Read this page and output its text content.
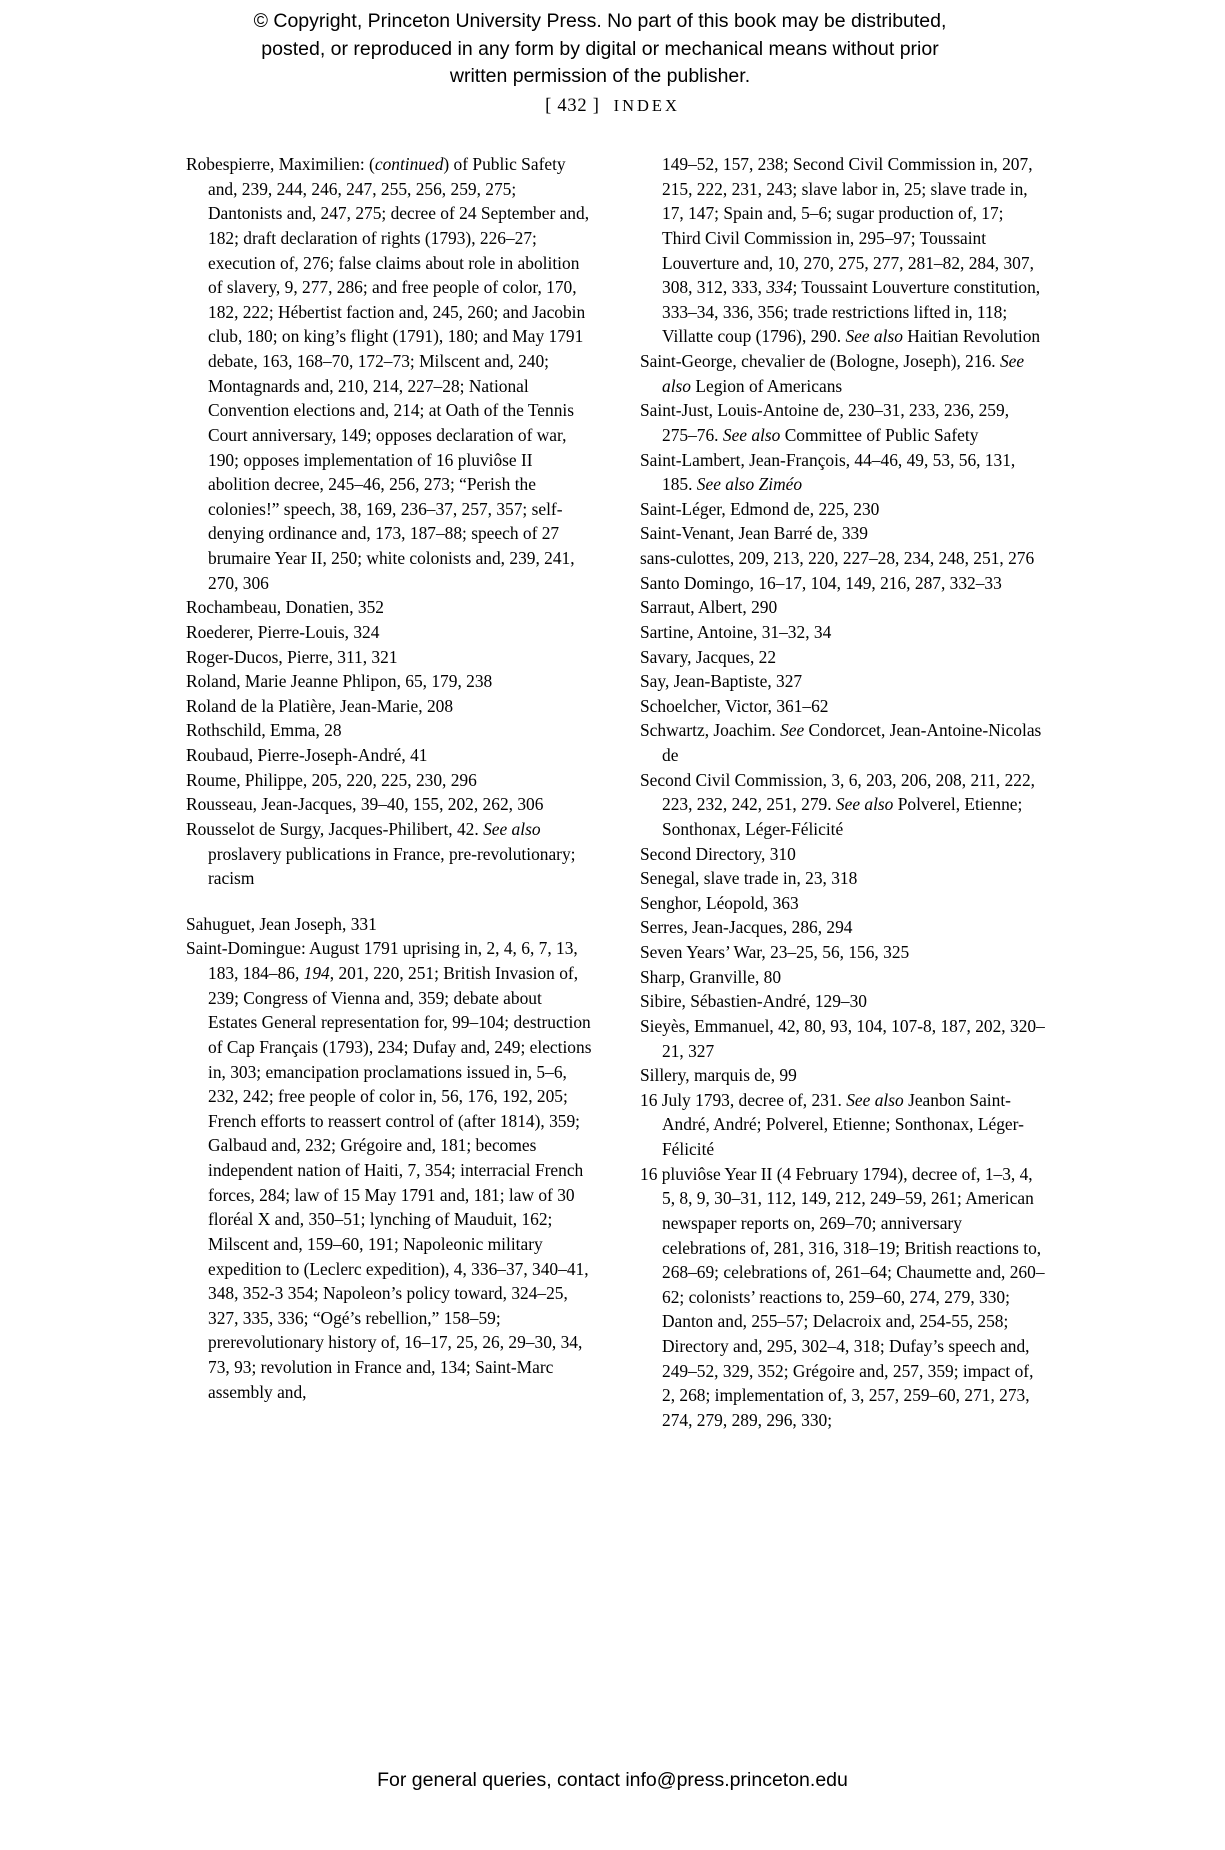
© Copyright, Princeton University Press. No part of this book may be distributed, posted, or reproduced in any form by digital or mechanical means without prior written permission of the publisher.
[ 432 ] INDEX

Robespierre, Maximilien: (continued) of Public Safety and, 239, 244, 246, 247, 255, 256, 259, 275; Dantonists and, 247, 275; decree of 24 September and, 182; draft declaration of rights (1793), 226–27; execution of, 276; false claims about role in abolition of slavery, 9, 277, 286; and free people of color, 170, 182, 222; Hébertist faction and, 245, 260; and Jacobin club, 180; on king’s flight (1791), 180; and May 1791 debate, 163, 168–70, 172–73; Milscent and, 240; Montagnards and, 210, 214, 227–28; National Convention elections and, 214; at Oath of the Tennis Court anniversary, 149; opposes declaration of war, 190; opposes implementation of 16 pluviôse II abolition decree, 245–46, 256, 273; “Perish the colonies!” speech, 38, 169, 236–37, 257, 357; self-denying ordinance and, 173, 187–88; speech of 27 brumaire Year II, 250; white colonists and, 239, 241, 270, 306

Rochambeau, Donatien, 352

Roederer, Pierre-Louis, 324

Roger-Ducos, Pierre, 311, 321

Roland, Marie Jeanne Phlipon, 65, 179, 238

Roland de la Platière, Jean-Marie, 208

Rothschild, Emma, 28

Roubaud, Pierre-Joseph-André, 41

Roume, Philippe, 205, 220, 225, 230, 296

Rousseau, Jean-Jacques, 39–40, 155, 202, 262, 306

Rousselot de Surgy, Jacques-Philibert, 42. See also proslavery publications in France, pre-revolutionary; racism

Sahuguet, Jean Joseph, 331

Saint-Domingue: August 1791 uprising in, 2, 4, 6, 7, 13, 183, 184–86, 194, 201, 220, 251; British Invasion of, 239; Congress of Vienna and, 359; debate about Estates General representation for, 99–104; destruction of Cap Français (1793), 234; Dufay and, 249; elections in, 303; emancipation proclamations issued in, 5–6, 232, 242; free people of color in, 56, 176, 192, 205; French efforts to reassert control of (after 1814), 359; Galbaud and, 232; Grégoire and, 181; becomes independent nation of Haiti, 7, 354; interracial French forces, 284; law of 15 May 1791 and, 181; law of 30 floréal X and, 350–51; lynching of Mauduit, 162; Milscent and, 159–60, 191; Napoleonic military expedition to (Leclerc expedition), 4, 336–37, 340–41, 348, 352-3 354; Napoleon’s policy toward, 324–25, 327, 335, 336; “Ogé’s rebellion,” 158–59; prerevolutionary history of, 16–17, 25, 26, 29–30, 34, 73, 93; revolution in France and, 134; Saint-Marc assembly and,

149–52, 157, 238; Second Civil Commission in, 207, 215, 222, 231, 243; slave labor in, 25; slave trade in, 17, 147; Spain and, 5–6; sugar production of, 17; Third Civil Commission in, 295–97; Toussaint Louverture and, 10, 270, 275, 277, 281–82, 284, 307, 308, 312, 333, 334; Toussaint Louverture constitution, 333–34, 336, 356; trade restrictions lifted in, 118; Villatte coup (1796), 290. See also Haitian Revolution

Saint-George, chevalier de (Bologne, Joseph), 216. See also Legion of Americans

Saint-Just, Louis-Antoine de, 230–31, 233, 236, 259, 275–76. See also Committee of Public Safety

Saint-Lambert, Jean-François, 44–46, 49, 53, 56, 131, 185. See also Ziméo

Saint-Léger, Edmond de, 225, 230

Saint-Venant, Jean Barré de, 339

sans-culottes, 209, 213, 220, 227–28, 234, 248, 251, 276

Santo Domingo, 16–17, 104, 149, 216, 287, 332–33

Sarraut, Albert, 290

Sartine, Antoine, 31–32, 34

Savary, Jacques, 22

Say, Jean-Baptiste, 327

Schoelcher, Victor, 361–62

Schwartz, Joachim. See Condorcet, Jean-Antoine-Nicolas de

Second Civil Commission, 3, 6, 203, 206, 208, 211, 222, 223, 232, 242, 251, 279. See also Polverel, Etienne; Sonthonax, Léger-Félicité

Second Directory, 310

Senegal, slave trade in, 23, 318

Senghor, Léopold, 363

Serres, Jean-Jacques, 286, 294

Seven Years’ War, 23–25, 56, 156, 325

Sharp, Granville, 80

Sibire, Sébastien-André, 129–30

Sieyès, Emmanuel, 42, 80, 93, 104, 107-8, 187, 202, 320–21, 327

Sillery, marquis de, 99

16 July 1793, decree of, 231. See also Jeanbon Saint-André, André; Polverel, Etienne; Sonthonax, Léger-Félicité

16 pluviôse Year II (4 February 1794), decree of, 1–3, 4, 5, 8, 9, 30–31, 112, 149, 212, 249–59, 261; American newspaper reports on, 269–70; anniversary celebrations of, 281, 316, 318–19; British reactions to, 268–69; celebrations of, 261–64; Chaumette and, 260–62; colonists’ reactions to, 259–60, 274, 279, 330; Danton and, 255–57; Delacroix and, 254-55, 258; Directory and, 295, 302–4, 318; Dufay’s speech and, 249–52, 329, 352; Grégoire and, 257, 359; impact of, 2, 268; implementation of, 3, 257, 259–60, 271, 273, 274, 279, 289, 296, 330;

For general queries, contact info@press.princeton.edu
